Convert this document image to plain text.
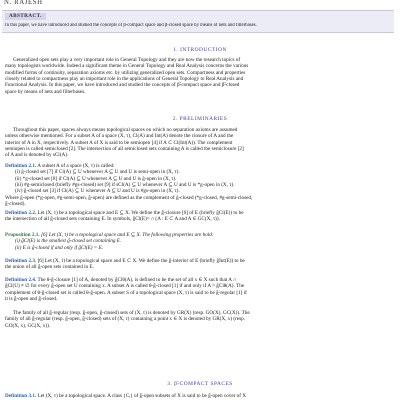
N. RAJESH
ABSTRACT.
In this paper, we have introduced and studied the concepts of β̃-compact space and β̃-closed space by means of nets and filterbases.
1. INTRODUCTION
Generalized open sets play a very important role in General Topology and they are now the research topics of
many topologists worldwide. Indeed a significant theme in General Topology and Real Analysis concerns the various
modified forms of continuity, separation axioms etc. by utilizing generalized open sets. Compactness and properties
closely related to compactness play an important role in the applications of General Topology to Real Analysis and
Functional Analysis. In this paper, we have introduced and studied the concepts of β̃-compact space and β̃-closed
space by means of nets and filterbases.
2. PRELIMINARIES
Throughout this paper, spaces always means topological spaces on which no separation axioms are assumed
unless otherwise mentioned. For a subset A of a space (X, τ), Cl(A) and Int(A) denote the closure of A and the
interior of A in X, respectively. A subset A of X is said to be semiopen [4] if A ⊂ Cl(Int(A)). The complement
semiopen is called semiclosed [2]. The intersection of all semiclosed sets containing A is called the semiclosure [2]
of A and is denoted by sCl(A).
Definition 2.1. A subset A of a space (X, τ) is called:
(i) ĝ-closed set [7] if Cl(A) ⊆ U whenever A ⊆ U and U is semi-open in (X, τ).
(ii) *g-closed set [8] if Cl(A) ⊆ U whenever A ⊆ U and U is ĝ-open in (X, τ).
(iii) #g-semiclosed (briefly #gs-closed) set [9] if sCl(A) ⊆ U whenever A ⊆ U and U is *g-open in (X, τ).
(iv) g̃-closed set [3] if Cl(A) ⊆ U whenever A ⊆ U and U is #gs-open in (X, τ).
Where ĝ-open (*g-open, #g-semi-open, g̃-open) are defined as the complement of ĝ-closed (*g-closed, #g-semi-closed,
g̃-closed).
Definition 2.2. Let (X, τ) be a topological space and E ⊆ X. We define the g̃-closure [6] of E (briefly g̃Cl(E)) to be
the intersection of all g̃-closed sets containing E. In symbols, g̃Cl(E)= ∩{A : E ⊂ A and A ∈ G̃C(X, τ)}.
Proposition 2.1. [6] Let (X, τ) be a topological space and E ⊆ X. The following properties are hold:
(i) g̃Cl(E) is the smallest g̃-closed set containing E.
(ii) E is g̃-closed if and only if g̃Cl(E) = E.
Definition 2.3. [6] Let (X, τ) be a topological space and E ⊂ X. We define the g̃-interior of E (briefly g̃Int(E)) to be
the union of all g̃-open sets contained in E.
Definition 2.4. The θ-g̃-closure [1] of A, denoted by g̃Clθ(A), is defined to be the set of all x ∈ X such that A ∩
g̃Cl(U) ≠ ∅ for every g̃-open set U containing x. A subset A is called θ-g̃-closed [1] if and only if A = g̃Clθ(A). The
complement of θ-g̃-closed set is called θ-g̃-open. A subset S of a topological space (X, τ) is said to be g̃-regular [1] if
it is g̃-open and g̃-closed.
The family of all g̃-regular (resp. g̃-open, g̃-closed) sets of (X, τ) is denoted by G̃R(X) (resp. G̃O(X), G̃C(X)). The
family of all g̃-regular (resp. g̃-open, g̃-closed) sets of (X, τ) containing a point x ∈ X is denoted by G̃R(X, x) (resp.
G̃O(X, x), G̃C(X, x)).
3. β̃-COMPACT SPACES
Definition 3.1. Let (X, τ) be a topological space. A class {Cᵢ} of g̃-open subsets of X is said to be g̃-open cover of X
